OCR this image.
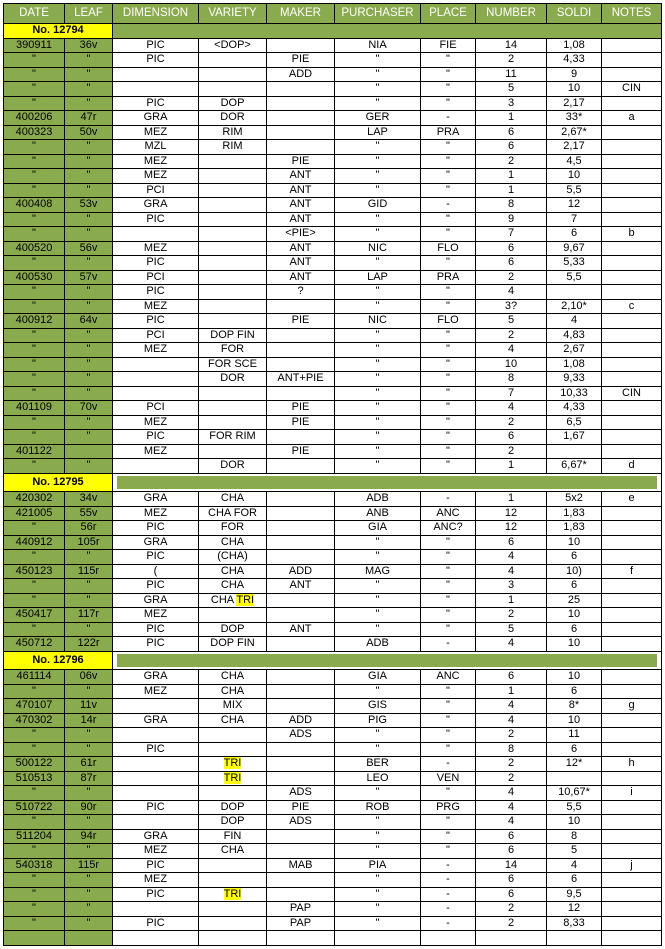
DATE	LEAF	DIMENSION	VARIETY	MAKER	PURCHASER	PLACE	NUMBER	SOLDI	NOTES
No. 12794									
390911	36v	PIC	<DOP>		NIA	FIE	14	1,08	
"	"	PIC		PIE	"	"	2	4,33	
"	"			ADD	"	"	11	9	
"	"				"	"	5	10	CIN
"	"	PIC	DOP		"	"	3	2,17	
400206	47r	GRA	DOR		GER	-	1	33*	a
400323	50v	MEZ	RIM		LAP	PRA	6	2,67*	
"	"	MZL	RIM		"	"	6	2,17	
"	"	MEZ		PIE	"	"	2	4,5	
"	"	MEZ		ANT	"	"	1	10	
"	"	PCI		ANT	"	"	1	5,5	
400408	53v	GRA		ANT	GID	-	8	12	
"	"	PIC		ANT	"	"	9	7	
"	"			<PIE>	"	"	7	6	b
400520	56v	MEZ		ANT	NIC	FLO	6	9,67	
"	"	PIC		ANT	"	"	6	5,33	
400530	57v	PCI		ANT	LAP	PRA	2	5,5	
"	"	PIC		?	"	"	4		
"	"	MEZ			"	"	3?	2,10*	c
400912	64v	PIC		PIE	NIC	FLO	5	4	
"	"	PCI	DOP FIN		"	"	2	4,83	
"	"	MEZ	FOR		"	"	4	2,67	
"	"		FOR SCE		"	"	10	1,08	
"	"		DOR	ANT+PIE	"	"	8	9,33	
"	"				"	"	7	10,33	CIN
401109	70v	PCI		PIE	"	"	4	4,33	
"	"	MEZ		PIE	"	"	2	6,5	
"	"	PIC	FOR RIM		"	"	6	1,67	
401122		MEZ		PIE	"	"	2		
"	"		DOR		"	"	1	6,67*	d
No. 12795									

420302	34v	GRA	CHA		ADB	-	1	5x2	e
421005	55v	MEZ	CHA FOR		ANB	ANC	12	1,83	
"	56r	PIC	FOR		GIA	ANC?	12	1,83	
440912	105r	GRA	CHA		"	"	6	10	
"	"	PIC	(CHA)		"	"	4	6	
450123	115r	(	CHA	ADD	MAG	"	4	10)	f
"	"	PIC	CHA	ANT	"	"	3	6	
"	"	GRA	CHA TRI		"	"	1	25	
450417	117r	MEZ			"	"	2	10	
"	"	PIC	DOP	ANT	"	"	5	6	
450712	122r	PIC	DOP FIN		ADB	-	4	10	
No. 12796									

461114	06v	GRA	CHA		GIA	ANC	6	10	
"	"	MEZ	CHA		"	"	1	6	
470107	11v		MIX		GIS	"	4	8*	g
470302	14r	GRA	CHA	ADD	PIG	"	4	10	
"	"			ADS	"	"	2	11	
"	"	PIC			"	"	8	6	
500122	61r		TRI		BER	-	2	12*	h
510513	87r		TRI		LEO	VEN	2		
"	"			ADS	"	"	4	10,67*	i
510722	90r	PIC	DOP	PIE	ROB	PRG	4	5,5	
"	"		DOP	ADS	"	"	4	10	
511204	94r	GRA	FIN		"	"	6	8	
"	"	MEZ	CHA		"	"	6	5	
540318	115r	PIC		MAB	PIA	-	14	4	j
"	"	MEZ			"	-	6	6	
"	"	PIC	TRI		"	-	6	9,5	
"	"			PAP	"	-	2	12	
"	"	PIC		PAP	"	-	2	8,33	
